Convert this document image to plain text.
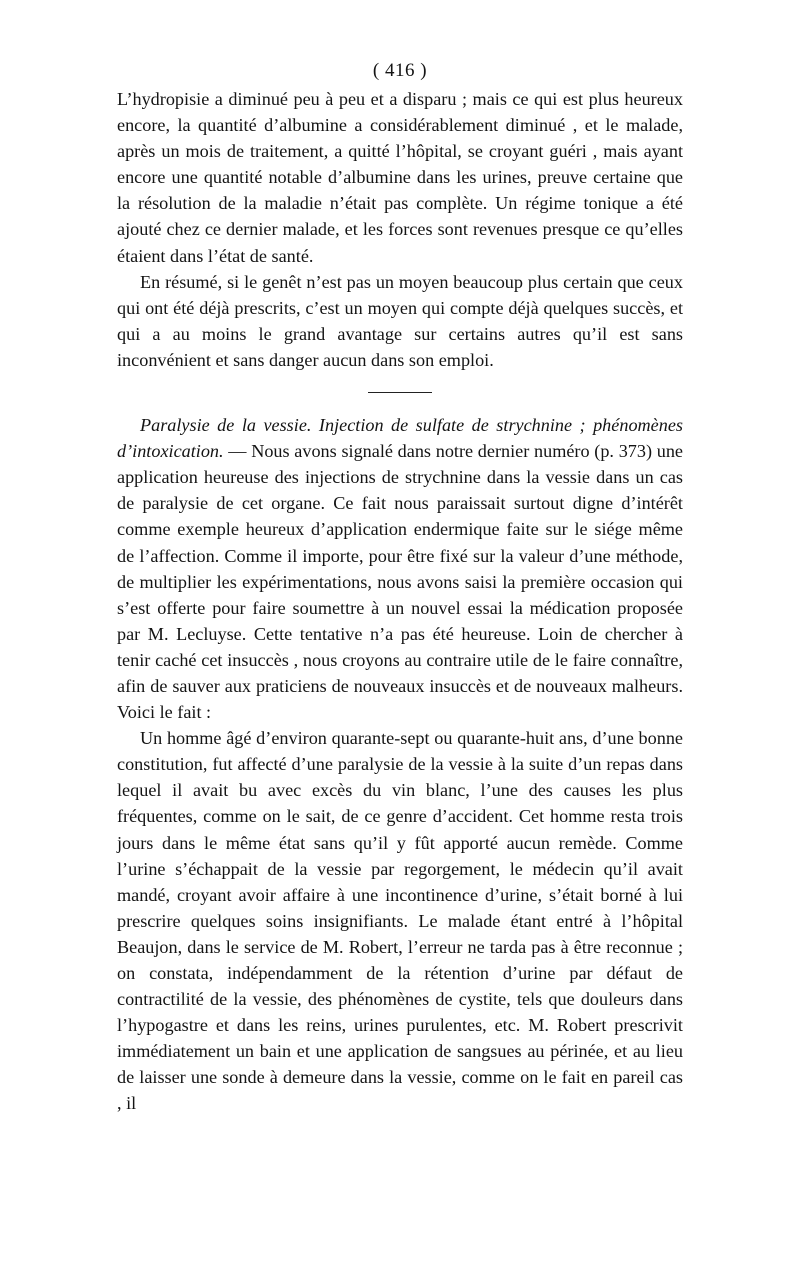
( 416 )

L’hydropisie a diminué peu à peu et a disparu ; mais ce qui est plus heureux encore, la quantité d’albumine a considérablement diminué , et le malade, après un mois de traitement, a quitté l’hôpital, se croyant guéri , mais ayant encore une quantité notable d’albumine dans les urines, preuve certaine que la résolution de la maladie n’était pas complète. Un régime tonique a été ajouté chez ce dernier malade, et les forces sont revenues presque ce qu’elles étaient dans l’état de santé.

En résumé, si le genêt n’est pas un moyen beaucoup plus certain que ceux qui ont été déjà prescrits, c’est un moyen qui compte déjà quelques succès, et qui a au moins le grand avantage sur certains autres qu’il est sans inconvénient et sans danger aucun dans son emploi.

Paralysie de la vessie. Injection de sulfate de strychnine ; phénomènes d’intoxication. — Nous avons signalé dans notre dernier numéro (p. 373) une application heureuse des injections de strychnine dans la vessie dans un cas de paralysie de cet organe. Ce fait nous paraissait surtout digne d’intérêt comme exemple heureux d’application endermique faite sur le siége même de l’affection. Comme il importe, pour être fixé sur la valeur d’une méthode, de multiplier les expérimentations, nous avons saisi la première occasion qui s’est offerte pour faire soumettre à un nouvel essai la médication proposée par M. Lecluyse. Cette tentative n’a pas été heureuse. Loin de chercher à tenir caché cet insuccès , nous croyons au contraire utile de le faire connaître, afin de sauver aux praticiens de nouveaux insuccès et de nouveaux malheurs. Voici le fait :

Un homme âgé d’environ quarante-sept ou quarante-huit ans, d’une bonne constitution, fut affecté d’une paralysie de la vessie à la suite d’un repas dans lequel il avait bu avec excès du vin blanc, l’une des causes les plus fréquentes, comme on le sait, de ce genre d’accident. Cet homme resta trois jours dans le même état sans qu’il y fût apporté aucun remède. Comme l’urine s’échappait de la vessie par regorgement, le médecin qu’il avait mandé, croyant avoir affaire à une incontinence d’urine, s’était borné à lui prescrire quelques soins insignifiants. Le malade étant entré à l’hôpital Beaujon, dans le service de M. Robert, l’erreur ne tarda pas à être reconnue ; on constata, indépendamment de la rétention d’urine par défaut de contractilité de la vessie, des phénomènes de cystite, tels que douleurs dans l’hypogastre et dans les reins, urines purulentes, etc. M. Robert prescrivit immédiatement un bain et une application de sangsues au périnée, et au lieu de laisser une sonde à demeure dans la vessie, comme on le fait en pareil cas , il
